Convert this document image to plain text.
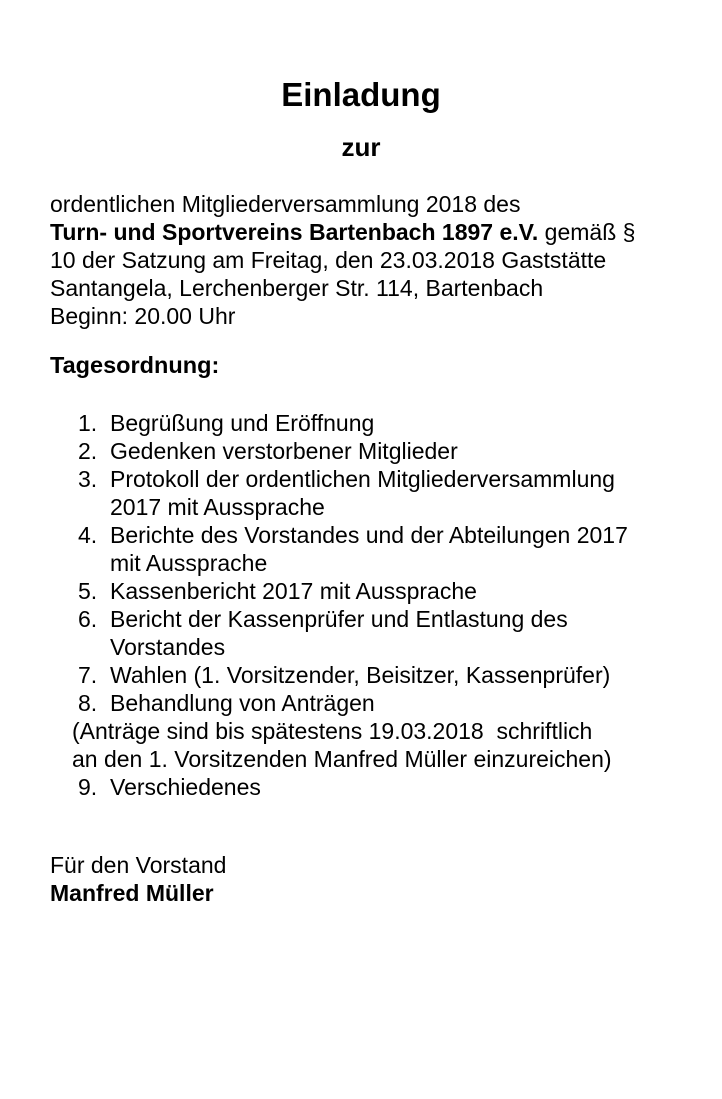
Einladung
zur
ordentlichen Mitgliederversammlung 2018 des
Turn- und Sportvereins Bartenbach 1897 e.V. gemäß §
10 der Satzung am Freitag, den 23.03.2018 Gaststätte
Santangela, Lerchenberger Str. 114, Bartenbach
Beginn: 20.00 Uhr
Tagesordnung:
1. Begrüßung und Eröffnung
2. Gedenken verstorbener Mitglieder
3. Protokoll der ordentlichen Mitgliederversammlung
2017 mit Aussprache
4. Berichte des Vorstandes und der Abteilungen 2017
mit Aussprache
5. Kassenbericht 2017 mit Aussprache
6. Bericht der Kassenprüfer und Entlastung des
Vorstandes
7. Wahlen (1. Vorsitzender, Beisitzer, Kassenprüfer)
8. Behandlung von Anträgen
(Anträge sind bis spätestens 19.03.2018  schriftlich
an den 1. Vorsitzenden Manfred Müller einzureichen)
9. Verschiedenes
Für den Vorstand
Manfred Müller
